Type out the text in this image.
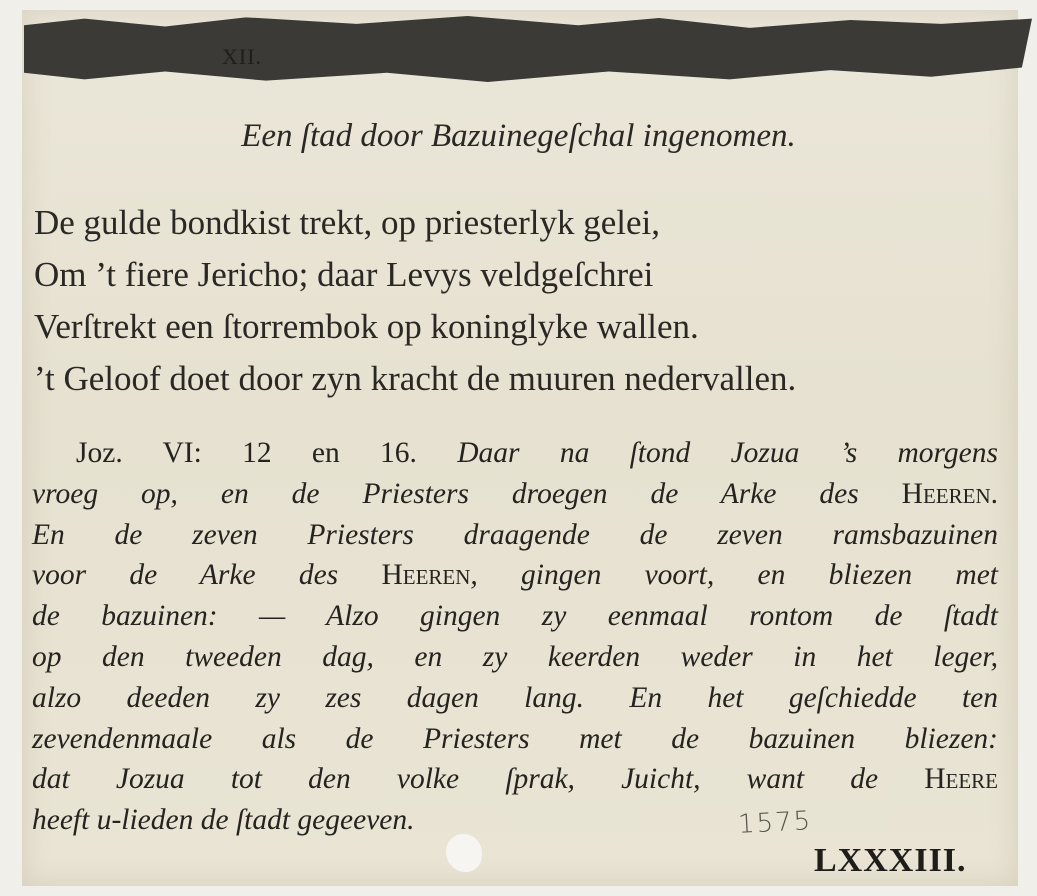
XII.
Een ſtad door Bazuinegeſchal ingenomen.
De gulde bondkist trekt, op priesterlyk gelei,
Om ’t fiere Jericho; daar Levys veldgeſchrei
Verſtrekt een ſtorrembok op koninglyke wallen.
’t Geloof doet door zyn kracht de muuren nedervallen.
Joz. VI: 12 en 16. Daar na ſtond Jozua ’s morgens
vroeg op, en de Priesters droegen de Arke des Heeren.
En de zeven Priesters draagende de zeven ramsbazuinen
voor de Arke des Heeren, gingen voort, en bliezen met
de bazuinen: — Alzo gingen zy eenmaal rontom de ſtadt
op den tweeden dag, en zy keerden weder in het leger,
alzo deeden zy zes dagen lang. En het geſchiedde ten
zevendenmaale als de Priesters met de bazuinen bliezen:
dat Jozua tot den volke ſprak, Juicht, want de Heere
heeft u-lieden de ſtadt gegeeven.	1575
LXXXIII.
